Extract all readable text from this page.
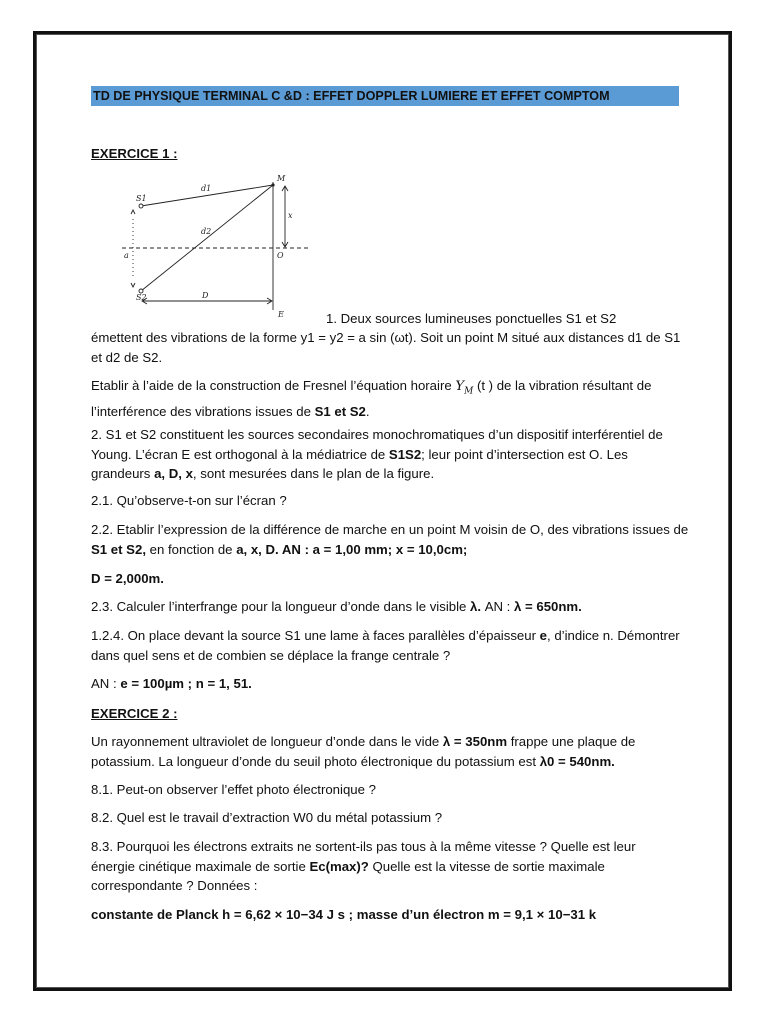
TD DE PHYSIQUE TERMINAL C &D : EFFET DOPPLER LUMIERE ET EFFET COMPTOM
EXERCICE 1 :
S1
S2
M
d1
d2
x
O
a
D
E	1. Deux sources lumineuses ponctuelles S1 et S2
émettent des vibrations de la forme y1 = y2 = a sin (ωt). Soit un point M situé aux distances d1 de S1 et d2 de S2.
Etablir à l’aide de la construction de Fresnel l’équation horaire $Y_M$ (t ) de la vibration résultant de l’interférence des vibrations issues de S1 et S2.
2. S1 et S2 constituent les sources secondaires monochromatiques d’un dispositif interférentiel de Young. L’écran E est orthogonal à la médiatrice de S1S2; leur point d’intersection est O. Les grandeurs a, D, x, sont mesurées dans le plan de la figure.
2.1. Qu’observe-t-on sur l’écran ?
2.2. Etablir l’expression de la différence de marche en un point M voisin de O, des vibrations issues de S1 et S2, en fonction de a, x, D. AN : a = 1,00 mm; x = 10,0cm;
D = 2,000m.
2.3. Calculer l’interfrange pour la longueur d’onde dans le visible λ. AN : λ = 650nm.
1.2.4. On place devant la source S1 une lame à faces parallèles d’épaisseur e, d’indice n. Démontrer dans quel sens et de combien se déplace la frange centrale ?
AN : e = 100µm ; n = 1, 51.
EXERCICE 2 :
Un rayonnement ultraviolet de longueur d’onde dans le vide λ = 350nm frappe une plaque de potassium. La longueur d’onde du seuil photo électronique du potassium est λ0 = 540nm.
8.1. Peut-on observer l’effet photo électronique ?
8.2. Quel est le travail d’extraction W0 du métal potassium ?
8.3. Pourquoi les électrons extraits ne sortent-ils pas tous à la même vitesse ? Quelle est leur énergie cinétique maximale de sortie Ec(max)? Quelle est la vitesse de sortie maximale correspondante ? Données :
constante de Planck h = 6,62 × 10−34 J s ; masse d’un électron m = 9,1 × 10−31 k
